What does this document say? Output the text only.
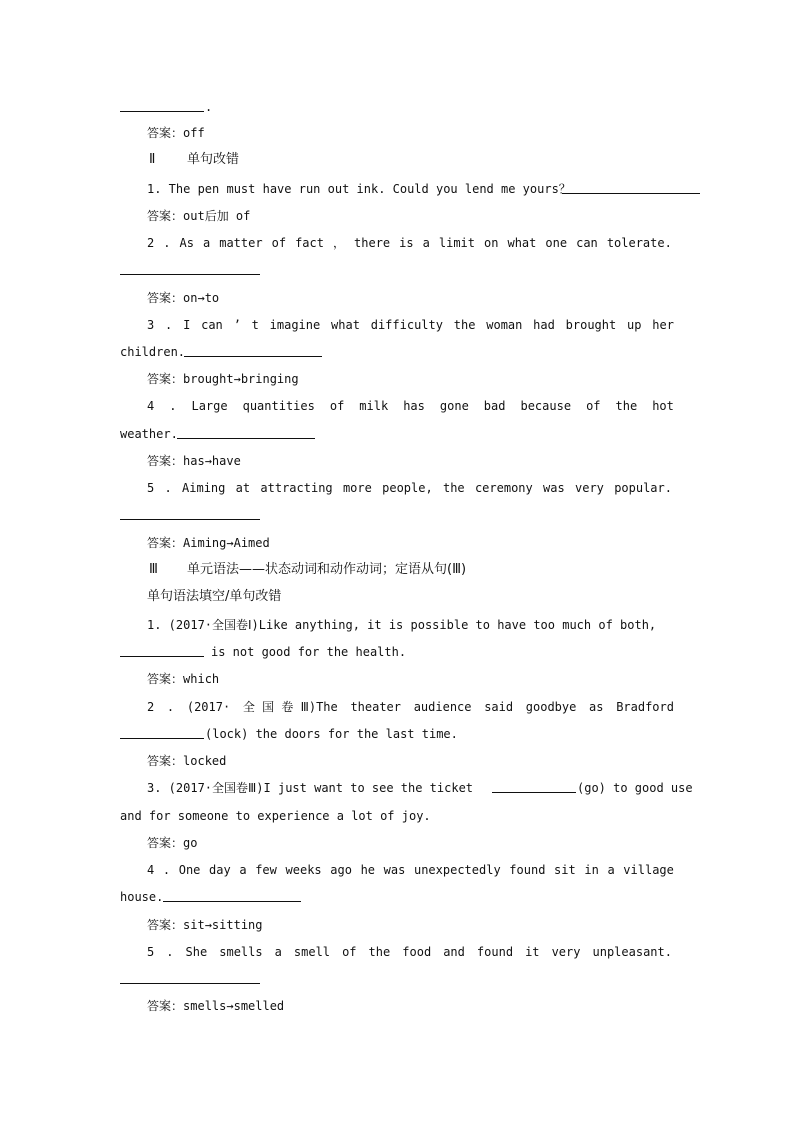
.
答案：off
Ⅱ 单句改错
1. The pen must have run out ink. Could you lend me yours？
答案：out后加 of
2 . As a matter of fact ， there is a limit on what one can tolerate.
答案：on→to
3 . I can ’ t imagine what difficulty the woman had brought up her
children.
答案：brought→bringing
4 . Large quantities of milk has gone bad because of the hot
weather.
答案：has→have
5 . Aiming at attracting more people, the ceremony was very popular.
答案：Aiming→Aimed
Ⅲ 单元语法——状态动词和动作动词；定语从句(Ⅲ)
单句语法填空/单句改错
1. (2017·全国卷Ⅰ)Like anything, it is possible to have too much of both,
is not good for the health.
答案：which
2 . (2017· 全 国 卷 Ⅲ)The theater audience said goodbye as Bradford
(lock) the doors for the last time.
答案：locked
3. (2017·全国卷Ⅲ)I just want to see the ticket	(go) to good use
and for someone to experience a lot of joy.
答案：go
4 . One day a few weeks ago he was unexpectedly found sit in a village
house.
答案：sit→sitting
5 . She smells a smell of the food and found it very unpleasant.
答案：smells→smelled
